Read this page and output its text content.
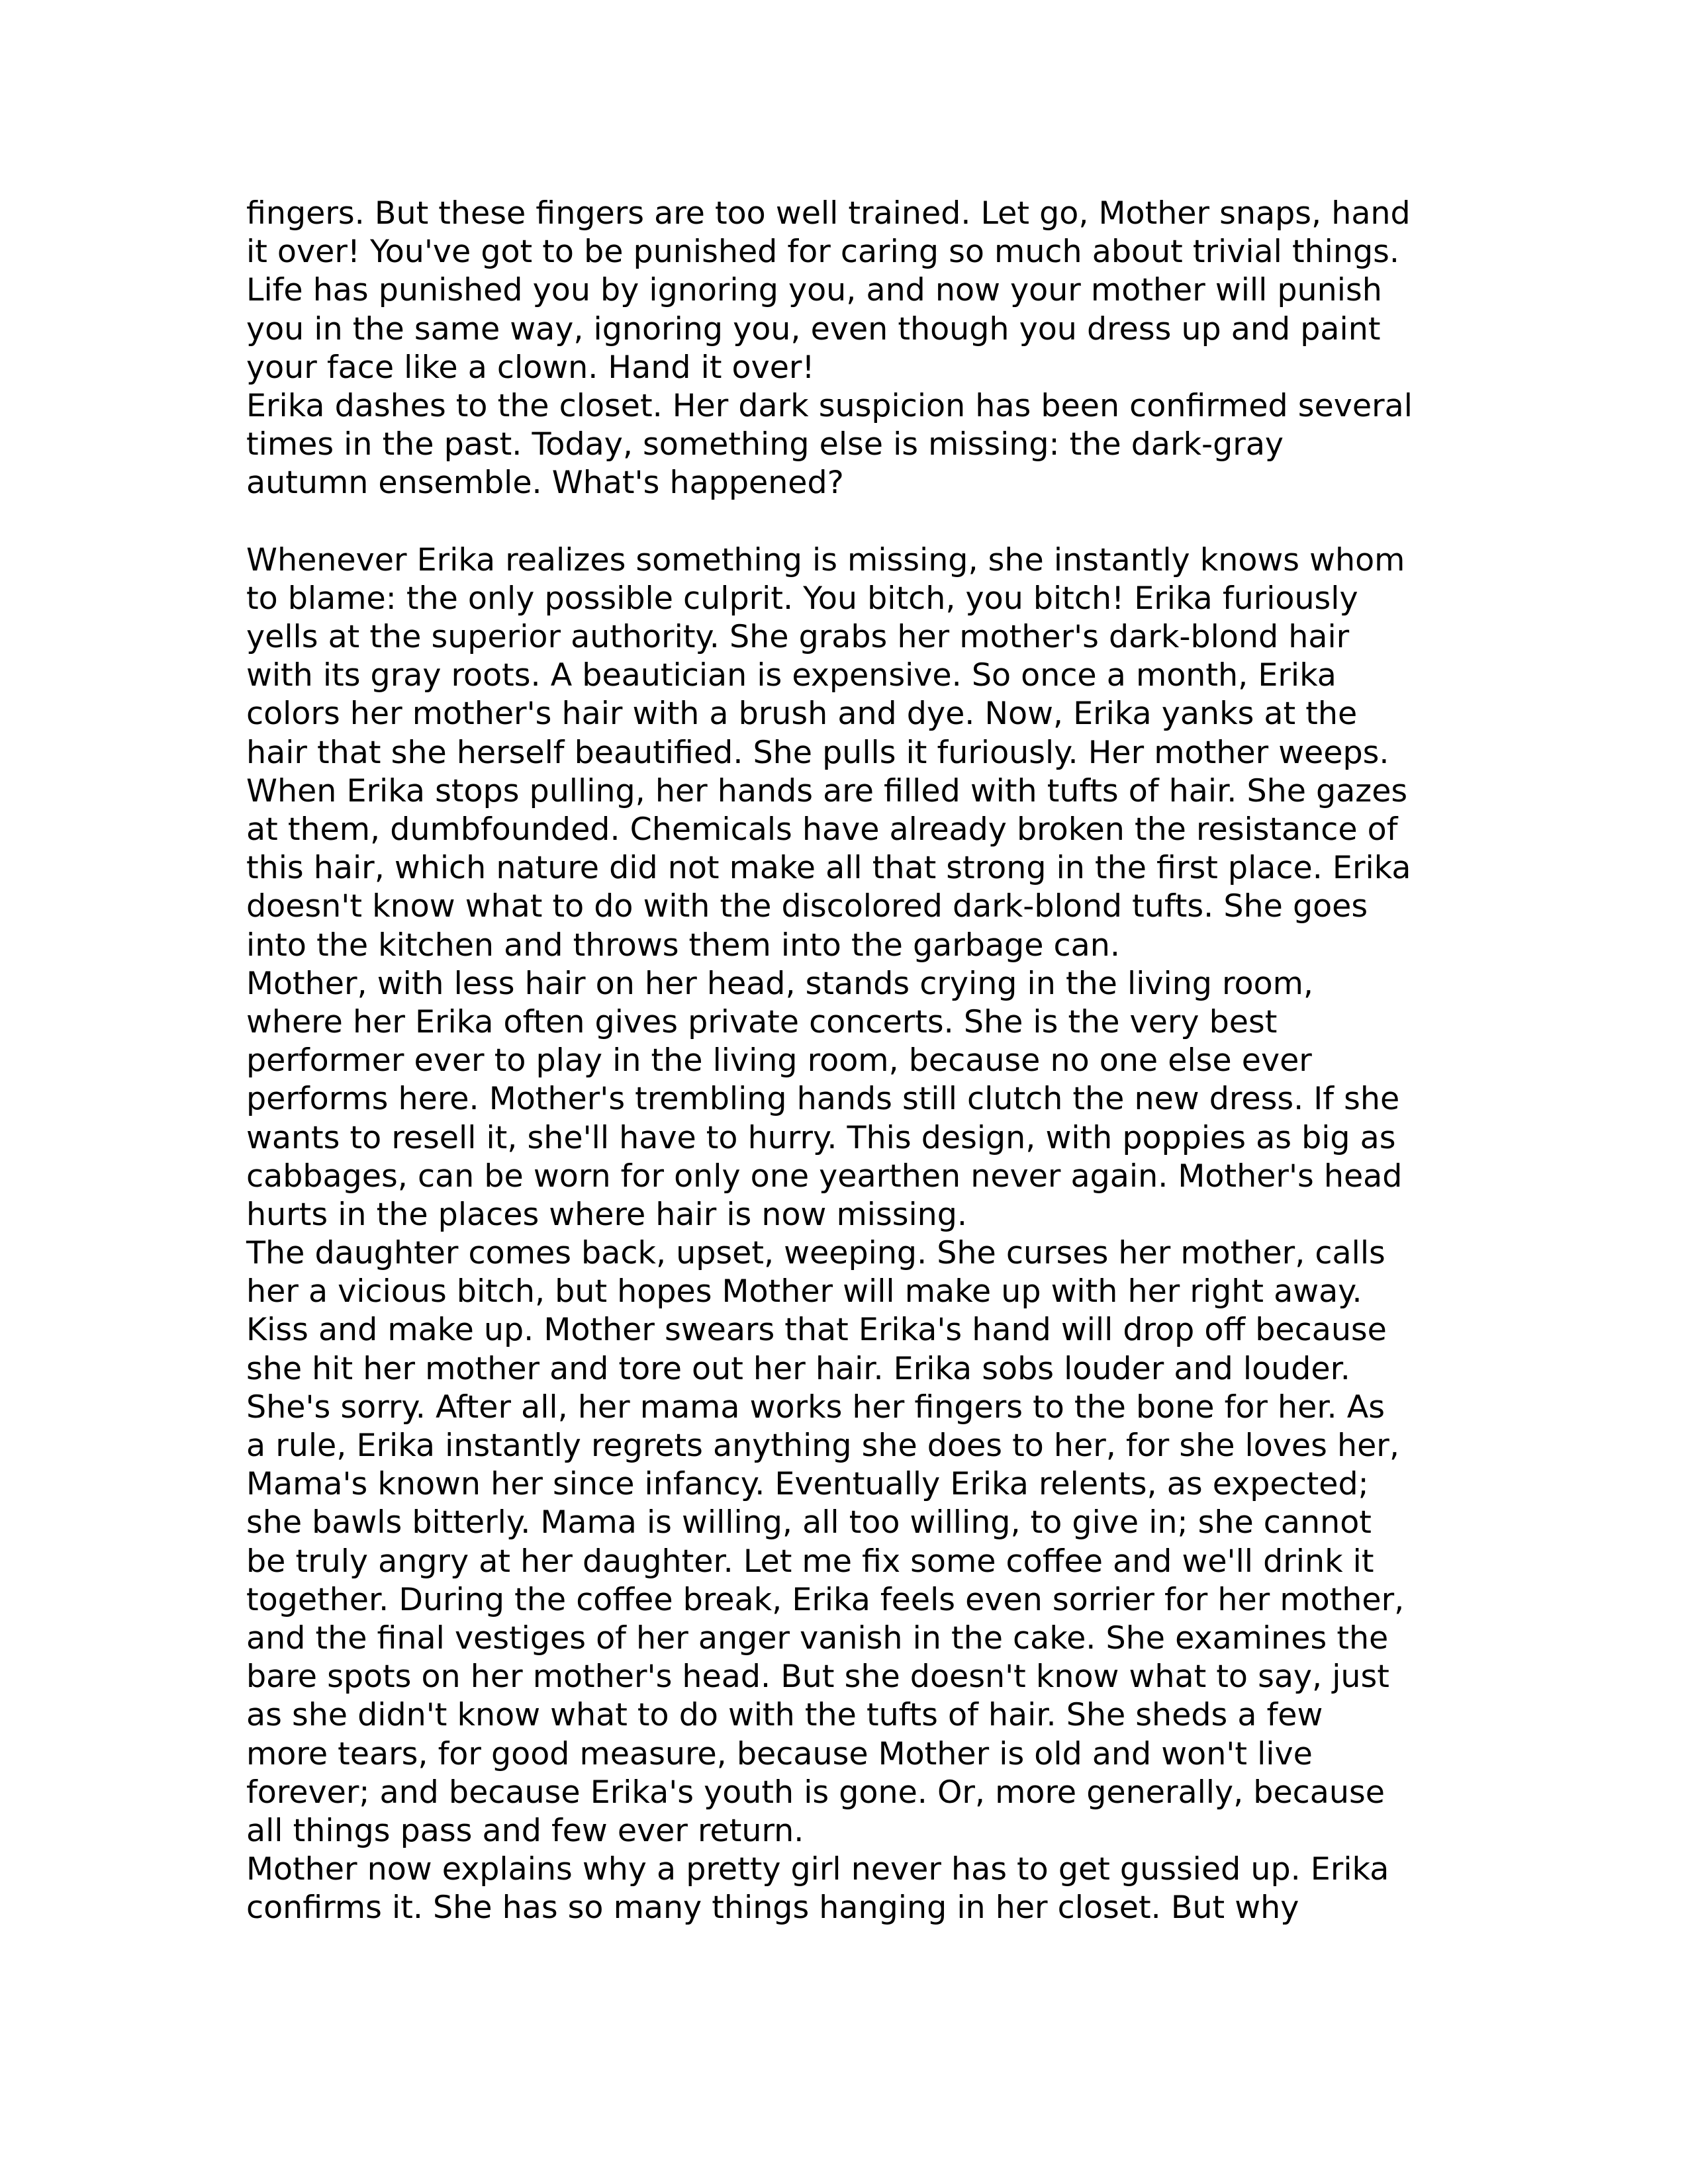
fingers. But these fingers are too well trained. Let go, Mother snaps, hand
it over! You've got to be punished for caring so much about trivial things.
Life has punished you by ignoring you, and now your mother will punish
you in the same way, ignoring you, even though you dress up and paint
your face like a clown. Hand it over!
Erika dashes to the closet. Her dark suspicion has been confirmed several
times in the past. Today, something else is missing: the dark-gray
autumn ensemble. What's happened?
Whenever Erika realizes something is missing, she instantly knows whom
to blame: the only possible culprit. You bitch, you bitch! Erika furiously
yells at the superior authority. She grabs her mother's dark-blond hair
with its gray roots. A beautician is expensive. So once a month, Erika
colors her mother's hair with a brush and dye. Now, Erika yanks at the
hair that she herself beautified. She pulls it furiously. Her mother weeps.
When Erika stops pulling, her hands are filled with tufts of hair. She gazes
at them, dumbfounded. Chemicals have already broken the resistance of
this hair, which nature did not make all that strong in the first place. Erika
doesn't know what to do with the discolored dark-blond tufts. She goes
into the kitchen and throws them into the garbage can.
Mother, with less hair on her head, stands crying in the living room,
where her Erika often gives private concerts. She is the very best
performer ever to play in the living room, because no one else ever
performs here. Mother's trembling hands still clutch the new dress. If she
wants to resell it, she'll have to hurry. This design, with poppies as big as
cabbages, can be worn for only one yearthen never again. Mother's head
hurts in the places where hair is now missing.
The daughter comes back, upset, weeping. She curses her mother, calls
her a vicious bitch, but hopes Mother will make up with her right away.
Kiss and make up. Mother swears that Erika's hand will drop off because
she hit her mother and tore out her hair. Erika sobs louder and louder.
She's sorry. After all, her mama works her fingers to the bone for her. As
a rule, Erika instantly regrets anything she does to her, for she loves her,
Mama's known her since infancy. Eventually Erika relents, as expected;
she bawls bitterly. Mama is willing, all too willing, to give in; she cannot
be truly angry at her daughter. Let me fix some coffee and we'll drink it
together. During the coffee break, Erika feels even sorrier for her mother,
and the final vestiges of her anger vanish in the cake. She examines the
bare spots on her mother's head. But she doesn't know what to say, just
as she didn't know what to do with the tufts of hair. She sheds a few
more tears, for good measure, because Mother is old and won't live
forever; and because Erika's youth is gone. Or, more generally, because
all things pass and few ever return.
Mother now explains why a pretty girl never has to get gussied up. Erika
confirms it. She has so many things hanging in her closet. But why
